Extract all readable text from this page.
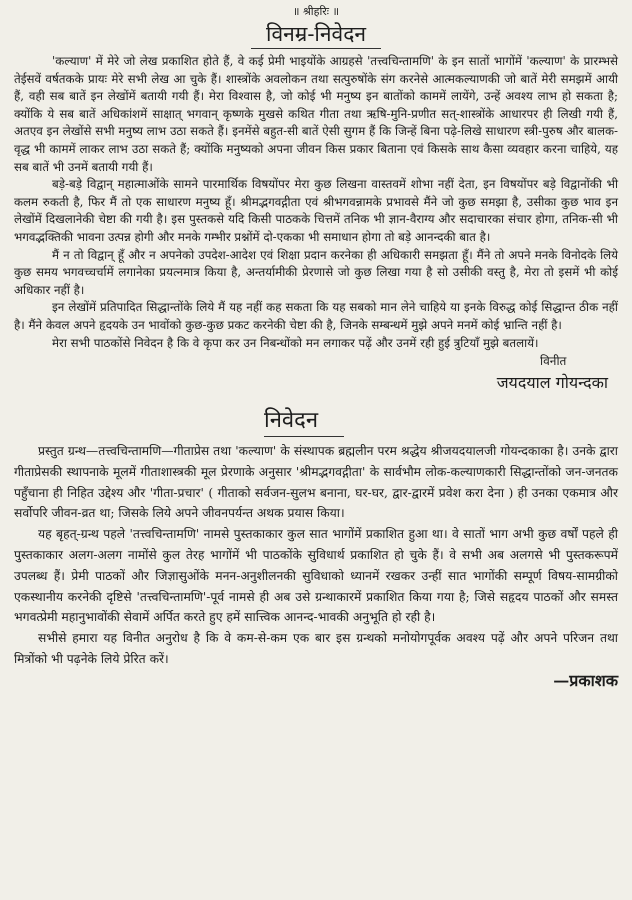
॥ श्रीहरिः ॥

विनम्र-निवेदन

'कल्याण' में मेरे जो लेख प्रकाशित होते हैं, वे कई प्रेमी भाइयोंके आग्रहसे 'तत्त्वचिन्तामणि' के इन सातों भागोंमें 'कल्याण' के प्रारम्भसे तेईसवें वर्षतकके प्रायः मेरे सभी लेख आ चुके हैं। शास्त्रोंके अवलोकन तथा सत्पुरुषोंके संग करनेसे आत्मकल्याणकी जो बातें मेरी समझमें आयी हैं, वही सब बातें इन लेखोंमें बतायी गयी हैं। मेरा विश्वास है, जो कोई भी मनुष्य इन बातोंको काममें लायेंगे, उन्हें अवश्य लाभ हो सकता है; क्योंकि ये सब बातें अधिकांशमें साक्षात् भगवान् कृष्णके मुखसे कथित गीता तथा ऋषि-मुनि-प्रणीत सत्-शास्त्रोंके आधारपर ही लिखी गयी हैं, अतएव इन लेखोंसे सभी मनुष्य लाभ उठा सकते हैं। इनमेंसे बहुत-सी बातें ऐसी सुगम हैं कि जिन्हें बिना पढ़े-लिखे साधारण स्त्री-पुरुष और बालक-वृद्ध भी काममें लाकर लाभ उठा सकते हैं; क्योंकि मनुष्यको अपना जीवन किस प्रकार बिताना एवं किसके साथ कैसा व्यवहार करना चाहिये, यह सब बातें भी उनमें बतायी गयी हैं।

बड़े-बड़े विद्वान् महात्माओंके सामने पारमार्थिक विषयोंपर मेरा कुछ लिखना वास्तवमें शोभा नहीं देता, इन विषयोंपर बड़े विद्वानोंकी भी कलम रुकती है, फिर मैं तो एक साधारण मनुष्य हूँ। श्रीमद्भगवद्गीता एवं श्रीभगवन्नामके प्रभावसे मैंने जो कुछ समझा है, उसीका कुछ भाव इन लेखोंमें दिखलानेकी चेष्टा की गयी है। इस पुस्तकसे यदि किसी पाठकके चित्तमें तनिक भी ज्ञान-वैराग्य और सदाचारका संचार होगा, तनिक-सी भी भगवद्भक्तिकी भावना उत्पन्न होगी और मनके गम्भीर प्रश्नोंमें दो-एकका भी समाधान होगा तो बड़े आनन्दकी बात है।

मैं न तो विद्वान् हूँ और न अपनेको उपदेश-आदेश एवं शिक्षा प्रदान करनेका ही अधिकारी समझता हूँ। मैंने तो अपने मनके विनोदके लिये कुछ समय भगवच्चर्चामें लगानेका प्रयत्नमात्र किया है, अन्तर्यामीकी प्रेरणासे जो कुछ लिखा गया है सो उसीकी वस्तु है, मेरा तो इसमें भी कोई अधिकार नहीं है।

इन लेखोंमें प्रतिपादित सिद्धान्तोंके लिये मैं यह नहीं कह सकता कि यह सबको मान लेने चाहिये या इनके विरुद्ध कोई सिद्धान्त ठीक नहीं है। मैंने केवल अपने हृदयके उन भावोंको कुछ-कुछ प्रकट करनेकी चेष्टा की है, जिनके सम्बन्धमें मुझे अपने मनमें कोई भ्रान्ति नहीं है।

मेरा सभी पाठकोंसे निवेदन है कि वे कृपा कर उन निबन्धोंको मन लगाकर पढ़ें और उनमें रही हुई त्रुटियाँ मुझे बतलायें।

विनीत
जयदयाल गोयन्दका
निवेदन

प्रस्तुत ग्रन्थ—तत्त्वचिन्तामणि—गीताप्रेस तथा 'कल्याण' के संस्थापक ब्रह्मलीन परम श्रद्धेय श्रीजयदयालजी गोयन्दकाका है। उनके द्वारा गीताप्रेसकी स्थापनाके मूलमें गीताशास्त्रकी मूल प्रेरणाके अनुसार 'श्रीमद्भगवद्गीता' के सार्वभौम लोक-कल्याणकारी सिद्धान्तोंको जन-जनतक पहुँचाना ही निहित उद्देश्य और 'गीता-प्रचार' ( गीताको सर्वजन-सुलभ बनाना, घर-घर, द्वार-द्वारमें प्रवेश करा देना ) ही उनका एकमात्र और सर्वोपरि जीवन-व्रत था; जिसके लिये अपने जीवनपर्यन्त अथक प्रयास किया।

यह बृहत्-ग्रन्थ पहले 'तत्त्वचिन्तामणि' नामसे पुस्तकाकार कुल सात भागोंमें प्रकाशित हुआ था। वे सातों भाग अभी कुछ वर्षों पहले ही पुस्तकाकार अलग-अलग नामोंसे कुल तेरह भागोंमें भी पाठकोंके सुविधार्थ प्रकाशित हो चुके हैं। वे सभी अब अलगसे भी पुस्तकरूपमें उपलब्ध हैं। प्रेमी पाठकों और जिज्ञासुओंके मनन-अनुशीलनकी सुविधाको ध्यानमें रखकर उन्हीं सात भागोंकी सम्पूर्ण विषय-सामग्रीको एकस्थानीय करनेकी दृष्टिसे 'तत्त्वचिन्तामणि'-पूर्व नामसे ही अब उसे ग्रन्थाकारमें प्रकाशित किया गया है; जिसे सहृदय पाठकों और समस्त भगवत्प्रेमी महानुभावोंकी सेवामें अर्पित करते हुए हमें सात्त्विक आनन्द-भावकी अनुभूति हो रही है।

सभीसे हमारा यह विनीत अनुरोध है कि वे कम-से-कम एक बार इस ग्रन्थको मनोयोगपूर्वक अवश्य पढ़ें और अपने परिजन तथा मित्रोंको भी पढ़नेके लिये प्रेरित करें।

—प्रकाशक
